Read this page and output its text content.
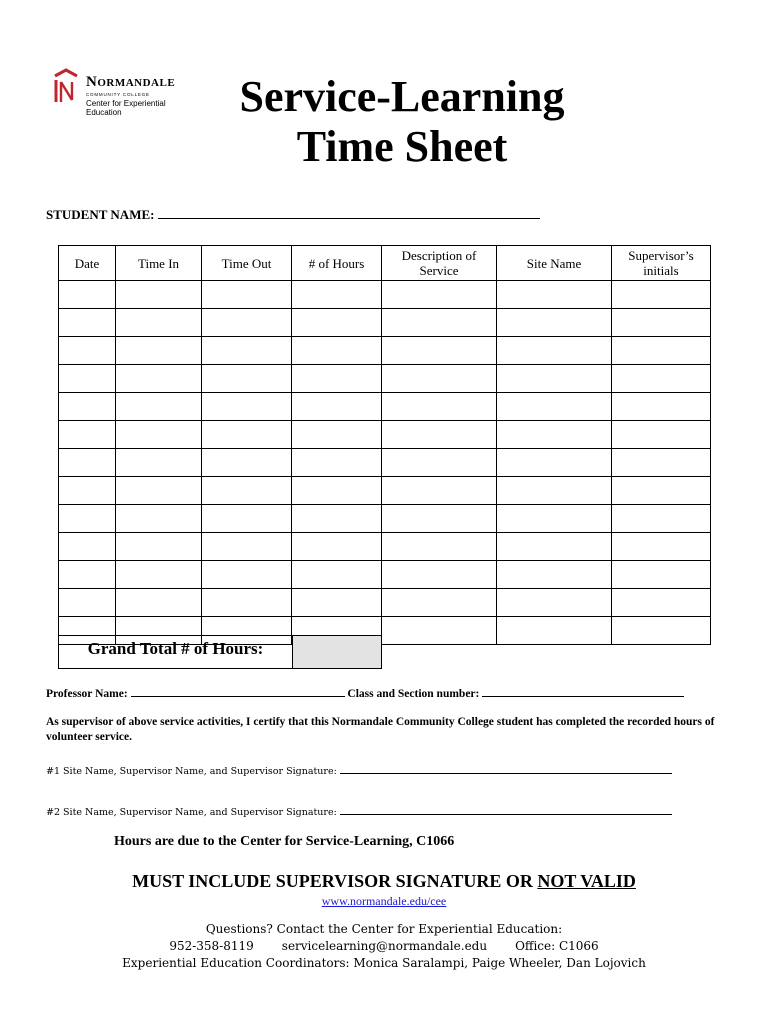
Normandale
COMMUNITY COLLEGE
Center for Experiential Education	Service-Learning
Time Sheet
STUDENT NAME:
Date	Time In	Time Out	# of Hours	Description of Service	Site Name	Supervisor’s initials

Grand Total # of Hours:
Professor Name:	Class and Section number:

As supervisor of above service activities, I certify that this Normandale Community College student has completed the recorded hours of volunteer service.

#1 Site Name, Supervisor Name, and Supervisor Signature:
#2 Site Name, Supervisor Name, and Supervisor Signature:
Hours are due to the Center for Service-Learning, C1066
MUST INCLUDE SUPERVISOR SIGNATURE OR NOT VALID
www.normandale.edu/cee
Questions? Contact the Center for Experiential Education:
952-358-8119 servicelearning@normandale.edu Office: C1066
Experiential Education Coordinators: Monica Saralampi, Paige Wheeler, Dan Lojovich
